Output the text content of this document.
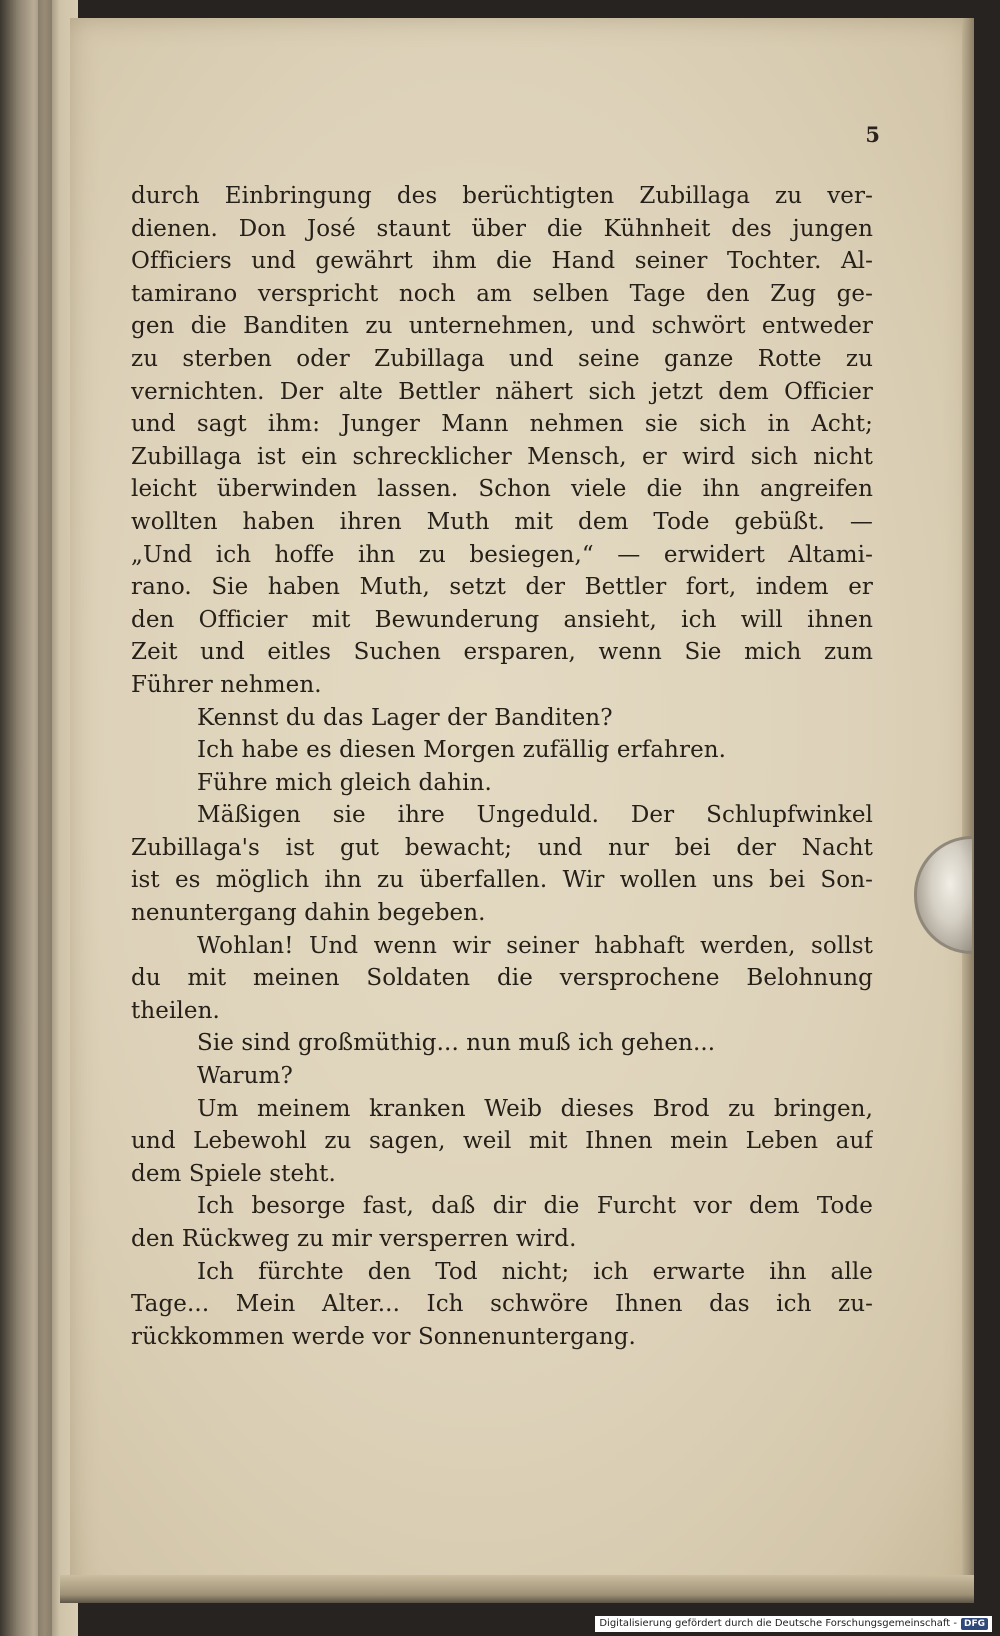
5
durch Einbringung des berüchtigten Zubillaga zu ver-
dienen. Don José staunt über die Kühnheit des jungen
Officiers und gewährt ihm die Hand seiner Tochter. Al-
tamirano verspricht noch am selben Tage den Zug ge-
gen die Banditen zu unternehmen, und schwört entweder
zu sterben oder Zubillaga und seine ganze Rotte zu
vernichten. Der alte Bettler nähert sich jetzt dem Officier
und sagt ihm: Junger Mann nehmen sie sich in Acht;
Zubillaga ist ein schrecklicher Mensch, er wird sich nicht
leicht überwinden lassen. Schon viele die ihn angreifen
wollten haben ihren Muth mit dem Tode gebüßt. —
„Und ich hoffe ihn zu besiegen,“ — erwidert Altami-
rano. Sie haben Muth, setzt der Bettler fort, indem er
den Officier mit Bewunderung ansieht, ich will ihnen
Zeit und eitles Suchen ersparen, wenn Sie mich zum
Führer nehmen.
Kennst du das Lager der Banditen?
Ich habe es diesen Morgen zufällig erfahren.
Führe mich gleich dahin.
Mäßigen sie ihre Ungeduld. Der Schlupfwinkel
Zubillaga's ist gut bewacht; und nur bei der Nacht
ist es möglich ihn zu überfallen. Wir wollen uns bei Son-
nenuntergang dahin begeben.
Wohlan! Und wenn wir seiner habhaft werden, sollst
du mit meinen Soldaten die versprochene Belohnung
theilen.
Sie sind großmüthig... nun muß ich gehen...
Warum?
Um meinem kranken Weib dieses Brod zu bringen,
und Lebewohl zu sagen, weil mit Ihnen mein Leben auf
dem Spiele steht.
Ich besorge fast, daß dir die Furcht vor dem Tode
den Rückweg zu mir versperren wird.
Ich fürchte den Tod nicht; ich erwarte ihn alle
Tage... Mein Alter... Ich schwöre Ihnen das ich zu-
rückkommen werde vor Sonnenuntergang.
Digitalisierung gefördert durch die Deutsche Forschungsgemeinschaft - DFG
